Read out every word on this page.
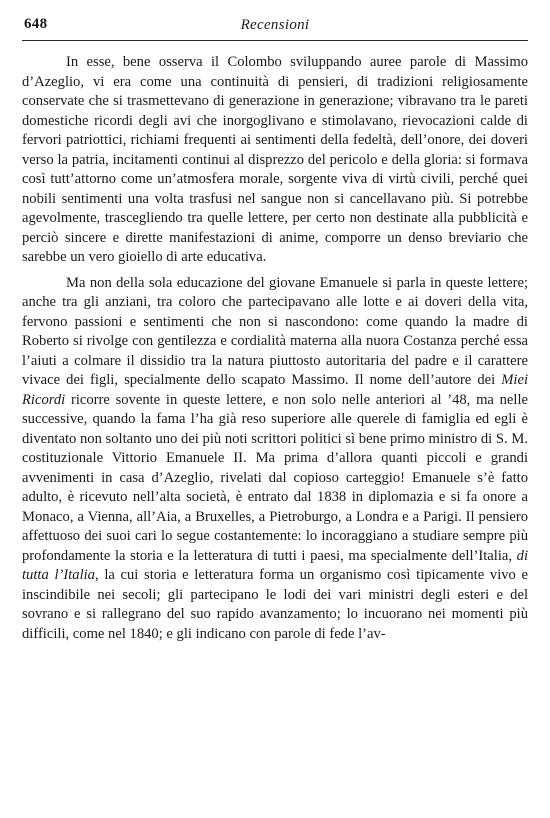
648	Recensioni

In esse, bene osserva il Colombo sviluppando auree parole di Massimo d’Azeglio, vi era come una continuità di pensieri, di tradizioni religiosamente conservate che si trasmettevano di generazione in generazione; vibravano tra le pareti domestiche ricordi degli avi che inorgoglivano e stimolavano, rievocazioni calde di fervori patriottici, richiami frequenti ai sentimenti della fedeltà, dell’onore, dei doveri verso la patria, incitamenti continui al disprezzo del pericolo e della gloria: si formava così tutt’attorno come un’atmosfera morale, sorgente viva di virtù civili, perché quei nobili sentimenti una volta trasfusi nel sangue non si cancellavano più. Si potrebbe agevolmente, trascegliendo tra quelle lettere, per certo non destinate alla pubblicità e perciò sincere e dirette manifestazioni di anime, comporre un denso breviario che sarebbe un vero gioiello di arte educativa.

Ma non della sola educazione del giovane Emanuele si parla in queste lettere; anche tra gli anziani, tra coloro che partecipavano alle lotte e ai doveri della vita, fervono passioni e sentimenti che non si nascondono: come quando la madre di Roberto si rivolge con gentilezza e cordialità materna alla nuora Costanza perché essa l’aiuti a colmare il dissidio tra la natura piuttosto autoritaria del padre e il carattere vivace dei figli, specialmente dello scapato Massimo. Il nome dell’autore dei Miei Ricordi ricorre sovente in queste lettere, e non solo nelle anteriori al ’48, ma nelle successive, quando la fama l’ha già reso superiore alle querele di famiglia ed egli è diventato non soltanto uno dei più noti scrittori politici sì bene primo ministro di S. M. costituzionale Vittorio Emanuele II. Ma prima d’allora quanti piccoli e grandi avvenimenti in casa d’Azeglio, rivelati dal copioso carteggio! Emanuele s’è fatto adulto, è ricevuto nell’alta società, è entrato dal 1838 in diplomazia e si fa onore a Monaco, a Vienna, all’Aia, a Bruxelles, a Pietroburgo, a Londra e a Parigi. Il pensiero affettuoso dei suoi cari lo segue costantemente: lo incoraggiano a studiare sempre più profondamente la storia e la letteratura di tutti i paesi, ma specialmente dell’Italia, di tutta l’Italia, la cui storia e letteratura forma un organismo così tipicamente vivo e inscindibile nei secoli; gli partecipano le lodi dei vari ministri degli esteri e del sovrano e si rallegrano del suo rapido avanzamento; lo incuorano nei momenti più difficili, come nel 1840; e gli indicano con parole di fede l’av-
